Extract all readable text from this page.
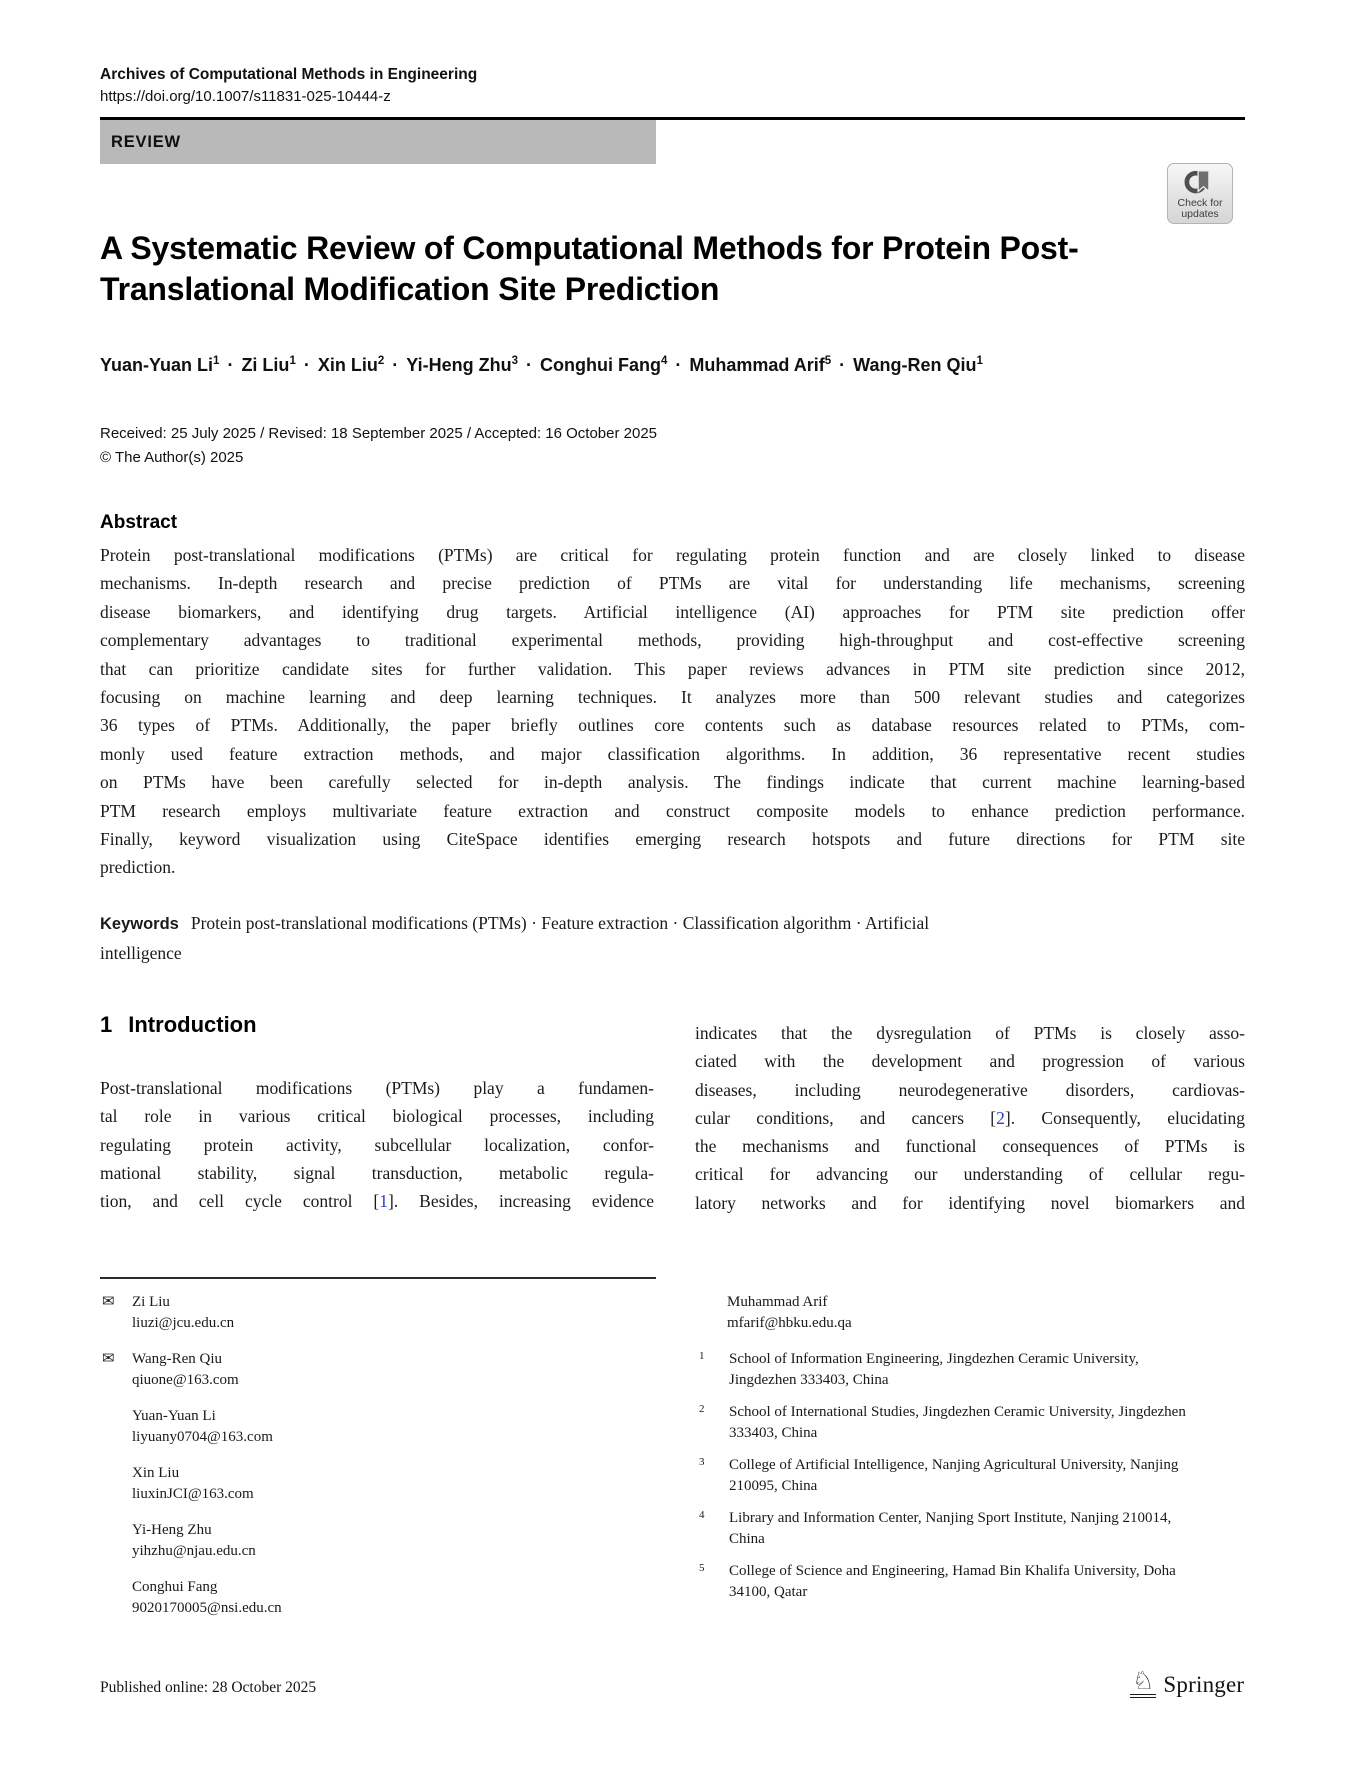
Archives of Computational Methods in Engineering
https://doi.org/10.1007/s11831-025-10444-z
REVIEW
Check for
updates
A Systematic Review of Computational Methods for Protein Post-
Translational Modification Site Prediction
Yuan-Yuan $Li^1 \cdot Zi$ Liu$^1$ · Xin Liu$^2$ · Yi-Heng Zhu$^3$ · Conghui Fang$^4$ · Muhammad Arif$^5$ · Wang-Ren Qiu$^1$
Received: 25 July 2025 / Revised: 18 September 2025 / Accepted: 16 October 2025
© The Author(s) 2025
Abstract
Protein post-translational modifications (PTMs) are critical for regulating protein function and are closely linked to disease
mechanisms. In-depth research and precise prediction of PTMs are vital for understanding life mechanisms, screening
disease biomarkers, and identifying drug targets. Artificial intelligence (AI) approaches for PTM site prediction offer
complementary advantages to traditional experimental methods, providing high-throughput and cost-effective screening
that can prioritize candidate sites for further validation. This paper reviews advances in PTM site prediction since 2012,
focusing on machine learning and deep learning techniques. It analyzes more than 500 relevant studies and categorizes
36 types of PTMs. Additionally, the paper briefly outlines core contents such as database resources related to PTMs, com-
monly used feature extraction methods, and major classification algorithms. In addition, 36 representative recent studies
on PTMs have been carefully selected for in-depth analysis. The findings indicate that current machine learning-based
PTM research employs multivariate feature extraction and construct composite models to enhance prediction performance.
Finally, keyword visualization using CiteSpace identifies emerging research hotspots and future directions for PTM site
prediction.
Keywords Protein post-translational modifications (PTMs) · Feature extraction · Classification algorithm · Artificial
intelligence
1 Introduction
Post-translational modifications (PTMs) play a fundamen-
tal role in various critical biological processes, including
regulating protein activity, subcellular localization, confor-
mational stability, signal transduction, metabolic regula-
tion, and cell cycle control [1]. Besides, increasing evidence
indicates that the dysregulation of PTMs is closely asso-
ciated with the development and progression of various
diseases, including neurodegenerative disorders, cardiovas-
cular conditions, and cancers [2]. Consequently, elucidating
the mechanisms and functional consequences of PTMs is
critical for advancing our understanding of cellular regu-
latory networks and for identifying novel biomarkers and
✉	Zi Liu
liuzi@jcu.edu.cn
✉	Wang-Ren Qiu
qiuone@163.com
Yuan-Yuan Li
liyuany0704@163.com
Xin Liu
liuxinJCI@163.com
Yi-Heng Zhu
yihzhu@njau.edu.cn
Conghui Fang
9020170005@nsi.edu.cn
Muhammad Arif
mfarif@hbku.edu.qa
1	School of Information Engineering, Jingdezhen Ceramic University, Jingdezhen 333403, China
2	School of International Studies, Jingdezhen Ceramic University, Jingdezhen 333403, China
3	College of Artificial Intelligence, Nanjing Agricultural University, Nanjing 210095, China
4	Library and Information Center, Nanjing Sport Institute, Nanjing 210014, China
5	College of Science and Engineering, Hamad Bin Khalifa University, Doha 34100, Qatar
Published online: 28 October 2025	♘ Springer
